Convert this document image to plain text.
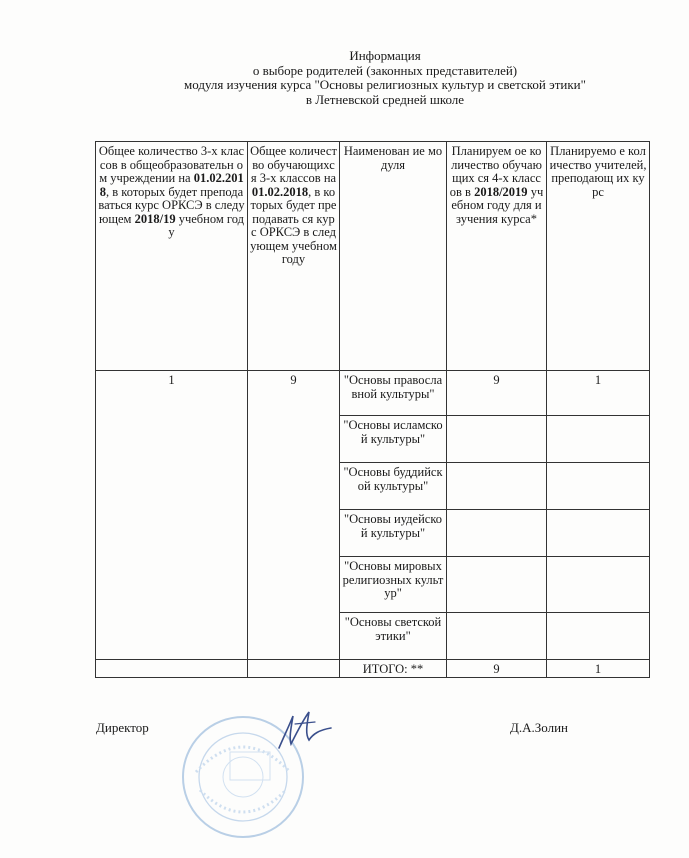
Информация
о выборе родителей (законных представителей)
модуля изучения курса "Основы религиозных культур и светской этики"
в Летневской средней школе
Общее количество 3-х классов в общеобразовательн ом учреждении на 01.02.2018, в которых будет преподаваться курс ОРКСЭ в следующем 2018/19 учебном году	Общее количество обучающихс я 3-х классов на 01.02.2018, в которых будет преподавать ся курс ОРКСЭ в следующем учебном году	Наименован ие модуля	Планируем ое количество обучающих ся 4-х классов в 2018/2019 учебном году для изучения курса*	Планируемо е количество учителей, преподающ их курс
1	9	"Основы православной культуры"	9	1
		"Основы исламской культуры"		
		"Основы буддийской культуры"		
		"Основы иудейской культуры"		
		"Основы мировых религиозных культур"		
		"Основы светской этики"		
		ИТОГО: **	9	1
Директор	Д.А.Золин
